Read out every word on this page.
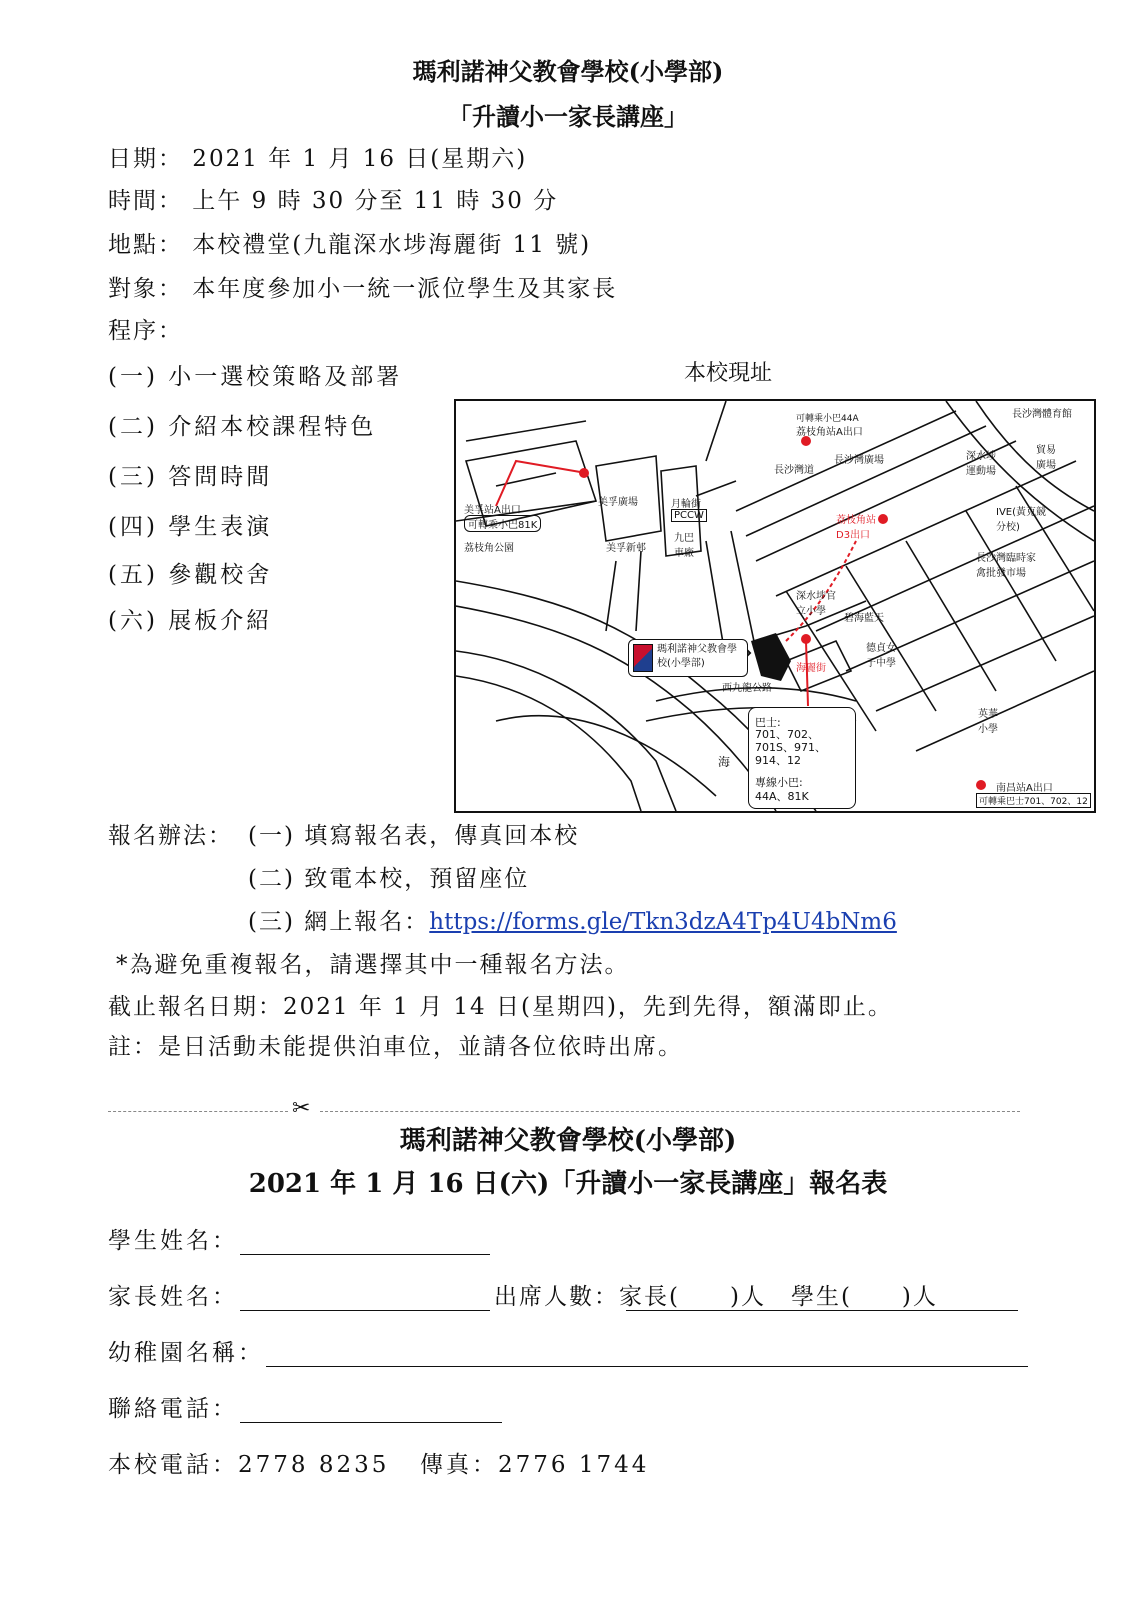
瑪利諾神父教會學校(小學部)
「升讀小一家長講座」
日期： 2021 年 1 月 16 日(星期六)
時間： 上午 9 時 30 分至 11 時 30 分
地點： 本校禮堂(九龍深水埗海麗街 11 號)
對象： 本年度參加小一統一派位學生及其家長
程序：
(一) 小一選校策略及部署
(二) 介紹本校課程特色
(三) 答問時間
(四) 學生表演
(五) 參觀校舍
(六) 展板介紹
本校現址
美孚站A出口
可轉乘小巴81K
荔枝角公園
美孚廣場
美孚新邨
PCCW
九巴車廠
月輪街
荔枝角站A出口
可轉乘小巴44A
長沙灣道
長沙灣廣場
荔枝角站 D3出口
IVE(黃克競分校)
深水埗運動場
貿易廣場
長沙灣臨時家禽批發市場
長沙灣體育館
碧海藍天
海麗街
深水埗官立小學
英華小學
德貞女子中學
西九龍公路
海
瑪利諾神父教會學校(小學部)
巴士:
701、702、701S、971、914、12
專線小巴:
44A、81K
南昌站A出口
可轉乘巴士701、702、12
報名辦法： (一) 填寫報名表，傳真回本校
(二) 致電本校，預留座位
(三) 網上報名：https://forms.gle/Tkn3dzA4Tp4U4bNm6
*為避免重複報名，請選擇其中一種報名方法。
截止報名日期：2021 年 1 月 14 日(星期四)，先到先得，額滿即止。
註：是日活動未能提供泊車位，並請各位依時出席。
✂
瑪利諾神父教會學校(小學部)
2021 年 1 月 16 日(六)「升讀小一家長講座」報名表
學生姓名：
家長姓名：	出席人數：家長(　　)人　學生(　　)人
幼稚園名稱：
聯絡電話：
本校電話：2778 8235 傳真：2776 1744
